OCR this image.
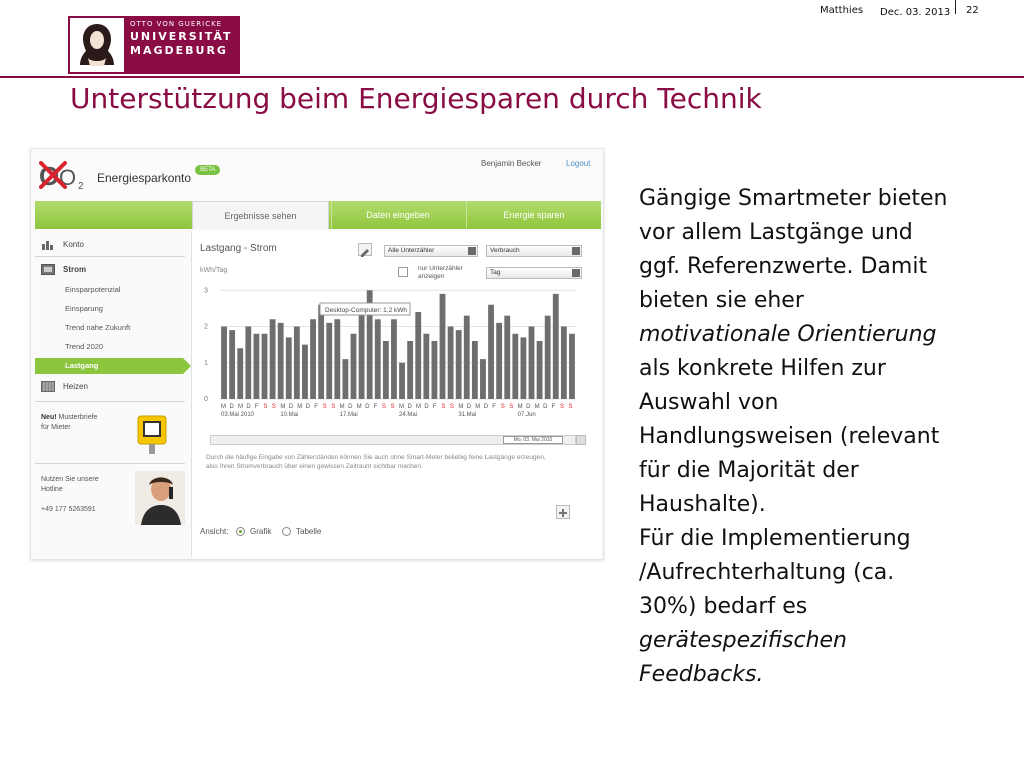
OTTO VON GUERICKE
UNIVERSITÄT
MAGDEBURG
Matthies Dec. 03. 2013 22
Unterstützung beim Energiesparen durch Technik
O O 2
Energiesparkonto
BETA
Benjamin Becker	Logout
Ergebnisse sehen	Daten eingeben	Energie sparen
Konto
Strom
Einsparpotenzial
Einsparung
Trend nahe Zukunft
Trend 2020
Lastgang
Heizen
Neu! Musterbriefe
für Mieter
Nutzen Sie unsere
Hotline

+49 177 5263591
Lastgang - Strom
kWh/Tag
Alle Unterzähler	Verbrauch
nur Unterzähler
anzeigen
Tag
0
1
2
3
M D M D F S S M D M D F S S M D M D F S S M D M D F S S M D M D F S S M D M D F S S
03.Mai 2010	10.Mai	17.Mai	24.Mai	31.Mai	07.Jun
Desktop-Computer: 1,2 kWh
Mo, 03. Mai 2010
Durch die häufige Eingabe von Zählerständen können Sie auch ohne Smart-Meter beliebig feine Lastgänge erzeugen, also Ihren Stromverbrauch über einen gewissen Zeitraum sichtbar machen.
Ansicht:	Grafik	Tabelle
Gängige Smartmeter bieten
vor allem Lastgänge und
ggf. Referenzwerte. Damit
bieten sie eher
motivationale Orientierung
als konkrete Hilfen zur
Auswahl von
Handlungsweisen (relevant
für die Majorität der
Haushalte).
Für die Implementierung
/Aufrechterhaltung (ca.
30%) bedarf es
gerätespezifischen
Feedbacks.
